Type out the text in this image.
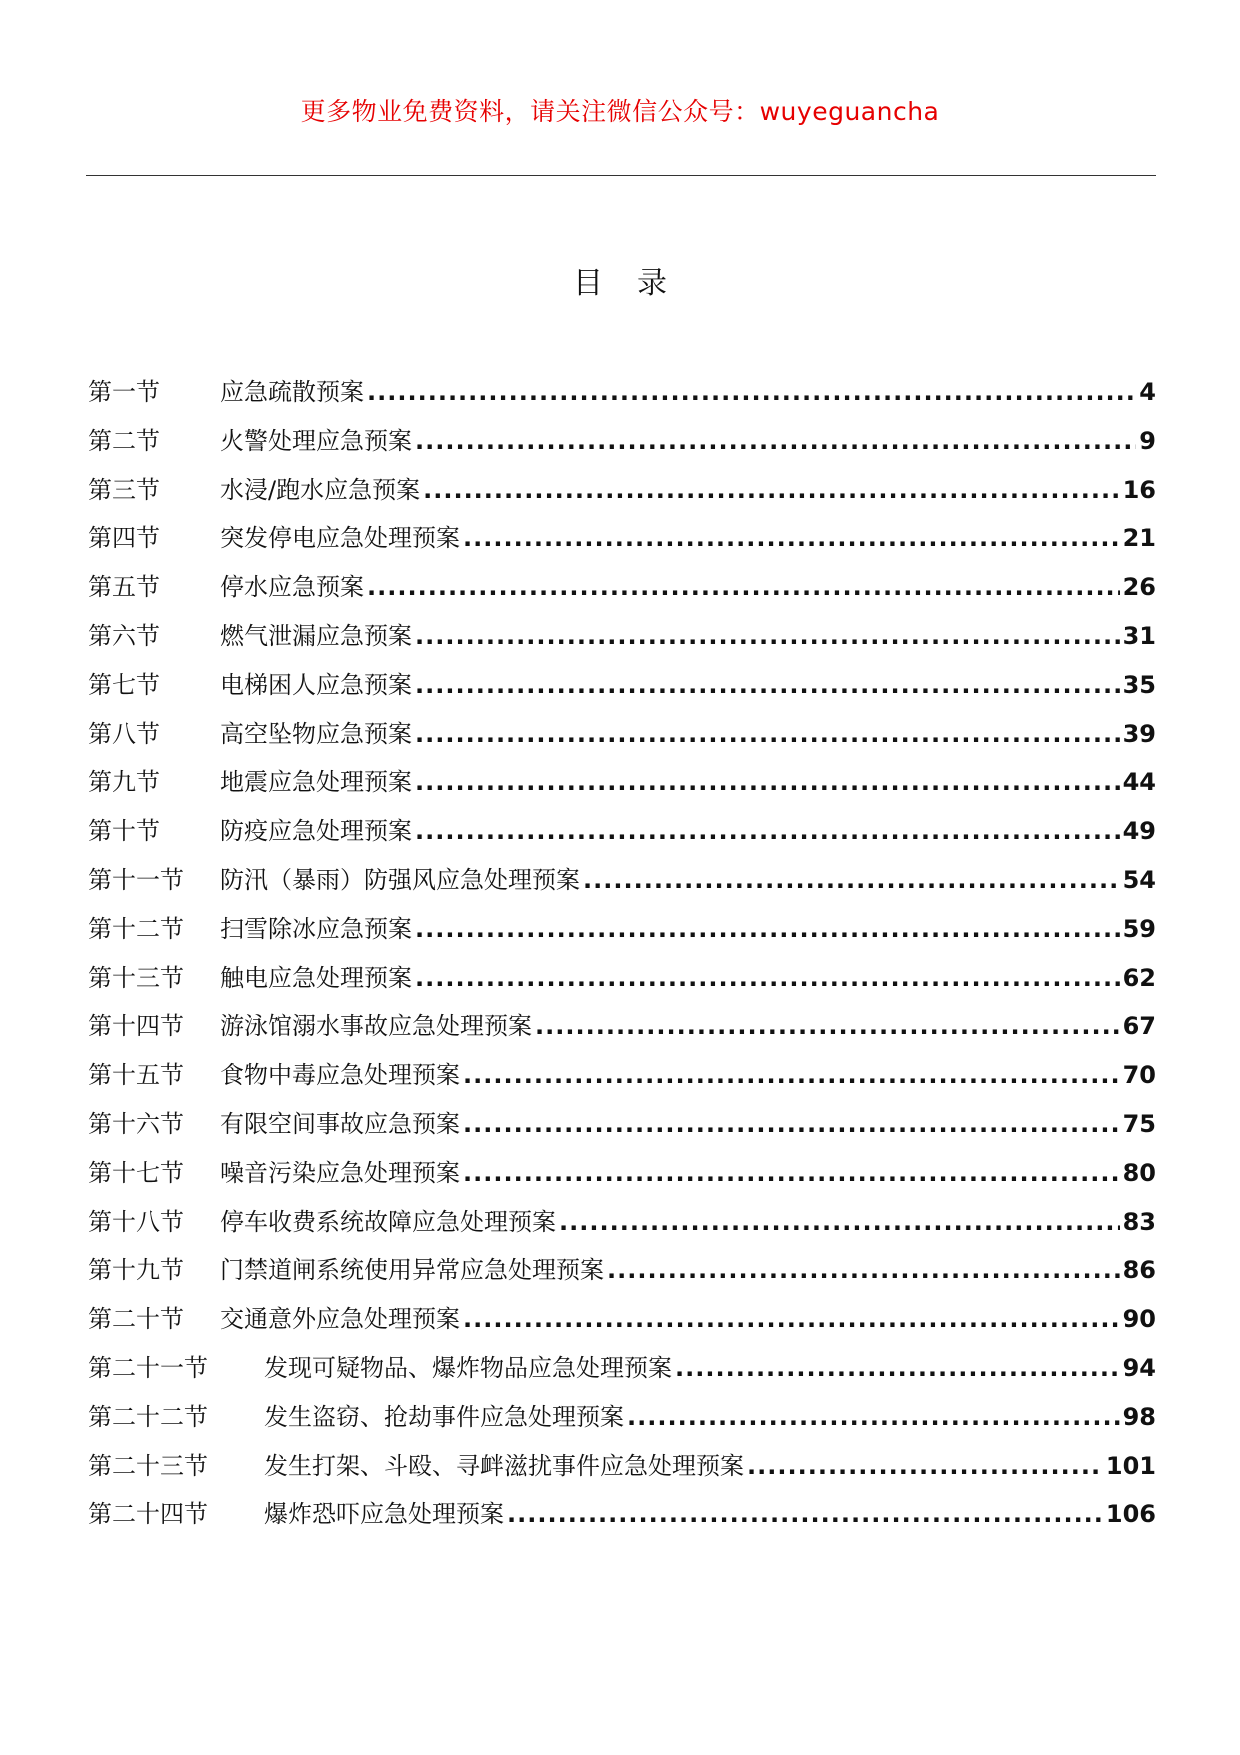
更多物业免费资料，请关注微信公众号：wuyeguancha
目 录
第一节	应急疏散预案 .....	4
第二节	火警处理应急预案 .....	9
第三节	水浸/跑水应急预案 .....	16
第四节	突发停电应急处理预案 .....	21
第五节	停水应急预案 .....	26
第六节	燃气泄漏应急预案 .....	31
第七节	电梯困人应急预案 .....	35
第八节	高空坠物应急预案 .....	39
第九节	地震应急处理预案 .....	44
第十节	防疫应急处理预案 .....	49
第十一节	防汛（暴雨）防强风应急处理预案 .....	54
第十二节	扫雪除冰应急预案 .....	59
第十三节	触电应急处理预案 .....	62
第十四节	游泳馆溺水事故应急处理预案 .....	67
第十五节	食物中毒应急处理预案 .....	70
第十六节	有限空间事故应急预案 .....	75
第十七节	噪音污染应急处理预案 .....	80
第十八节	停车收费系统故障应急处理预案 .....	83
第十九节	门禁道闸系统使用异常应急处理预案 .....	86
第二十节	交通意外应急处理预案 .....	90
第二十一节	发现可疑物品、爆炸物品应急处理预案 .....	94
第二十二节	发生盗窃、抢劫事件应急处理预案 .....	98
第二十三节	发生打架、斗殴、寻衅滋扰事件应急处理预案 .....	101
第二十四节	爆炸恐吓应急处理预案 .....	106
